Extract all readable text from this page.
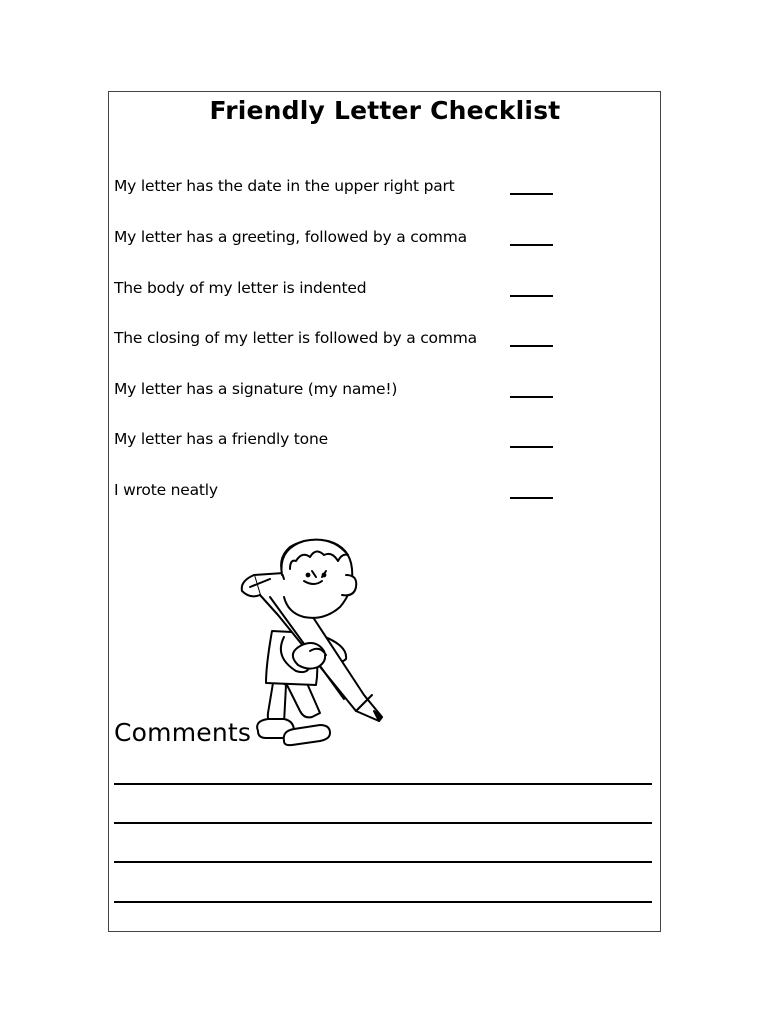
Friendly Letter Checklist
My letter has the date in the upper right part
My letter has a greeting, followed by a comma
The body of my letter is indented
The closing of my letter is followed by a comma
My letter has a signature (my name!)
My letter has a friendly tone
I wrote neatly
Comments
